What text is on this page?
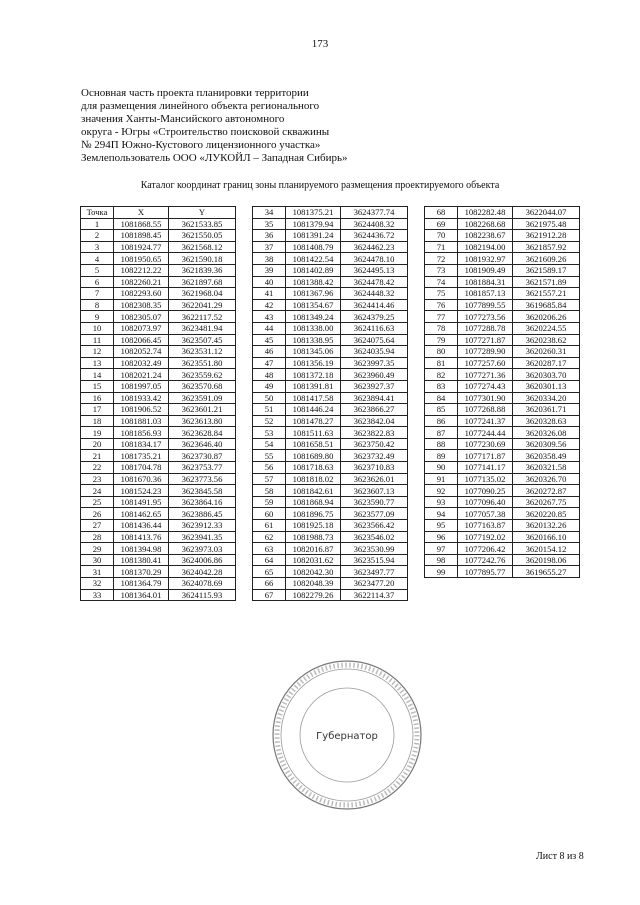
173
Основная часть проекта планировки территории
для размещения линейного объекта регионального
значения Ханты-Мансийского автономного
округа - Югры «Строительство поисковой скважины
№ 294П Южно-Кустового лицензионного участка»
Землепользователь ООО «ЛУКОЙЛ – Западная Сибирь»
Каталог координат границ зоны планируемого размещения проектируемого объекта
Точка	X	Y
1	1081868.55	3621533.85
2	1081898.45	3621550.05
3	1081924.77	3621568.12
4	1081950.65	3621590.18
5	1082212.22	3621839.36
6	1082260.21	3621897.68
7	1082293.60	3621968.04
8	1082308.35	3622041.29
9	1082305.07	3622117.52
10	1082073.97	3623481.94
11	1082066.45	3623507.45
12	1082052.74	3623531.12
13	1082032.49	3623551.80
14	1082021.24	3623559.62
15	1081997.05	3623570.68
16	1081933.42	3623591.09
17	1081906.52	3623601.21
18	1081881.03	3623613.80
19	1081856.93	3623628.84
20	1081834.17	3623646.40
21	1081735.21	3623730.87
22	1081704.78	3623753.77
23	1081670.36	3623773.56
24	1081524.23	3623845.58
25	1081491.95	3623864.16
26	1081462.65	3623886.45
27	1081436.44	3623912.33
28	1081413.76	3623941.35
29	1081394.98	3623973.03
30	1081380.41	3624006.86
31	1081370.29	3624042.28
32	1081364.79	3624078.69
33	1081364.01	3624115.93
34	1081375.21	3624377.74
35	1081379.94	3624408.32
36	1081391.24	3624436.72
37	1081408.79	3624462.23
38	1081422.54	3624478.10
39	1081402.89	3624495.13
40	1081388.42	3624478.42
41	1081367.96	3624448.32
42	1081354.67	3624414.46
43	1081349.24	3624379.25
44	1081338.00	3624116.63
45	1081338.95	3624075.64
46	1081345.06	3624035.94
47	1081356.19	3623997.35
48	1081372.18	3623960.49
49	1081391.81	3623927.37
50	1081417.58	3623894.41
51	1081446.24	3623866.27
52	1081478.27	3623842.04
53	1081511.63	3623822.83
54	1081658.51	3623750.42
55	1081689.80	3623732.49
56	1081718.63	3623710.83
57	1081818.02	3623626.01
58	1081842.61	3623607.13
59	1081868.94	3623590.77
60	1081896.75	3623577.09
61	1081925.18	3623566.42
62	1081988.73	3623546.02
63	1082016.87	3623530.99
64	1082031.62	3623515.94
65	1082042.30	3623497.77
66	1082048.39	3623477.20
67	1082279.26	3622114.37
68	1082282.48	3622044.07
69	1082268.68	3621975.48
70	1082238.67	3621912.28
71	1082194.00	3621857.92
72	1081932.97	3621609.26
73	1081909.49	3621589.17
74	1081884.31	3621571.89
75	1081857.13	3621557.21
76	1077899.55	3619685.84
77	1077273.56	3620206.26
78	1077288.78	3620224.55
79	1077271.87	3620238.62
80	1077289.90	3620260.31
81	1077257.60	3620287.17
82	1077271.36	3620303.70
83	1077274.43	3620301.13
84	1077301.90	3620334.20
85	1077268.88	3620361.71
86	1077241.37	3620328.63
87	1077244.44	3620326.08
88	1077230.69	3620309.56
89	1077171.87	3620358.49
90	1077141.17	3620321.58
91	1077135.02	3620326.70
92	1077090.25	3620272.87
93	1077096.40	3620267.75
94	1077057.38	3620220.85
95	1077163.87	3620132.26
96	1077192.02	3620166.10
97	1077206.42	3620154.12
98	1077242.76	3620198.06
99	1077895.77	3619655.27
Губернатор
Лист 8 из 8
